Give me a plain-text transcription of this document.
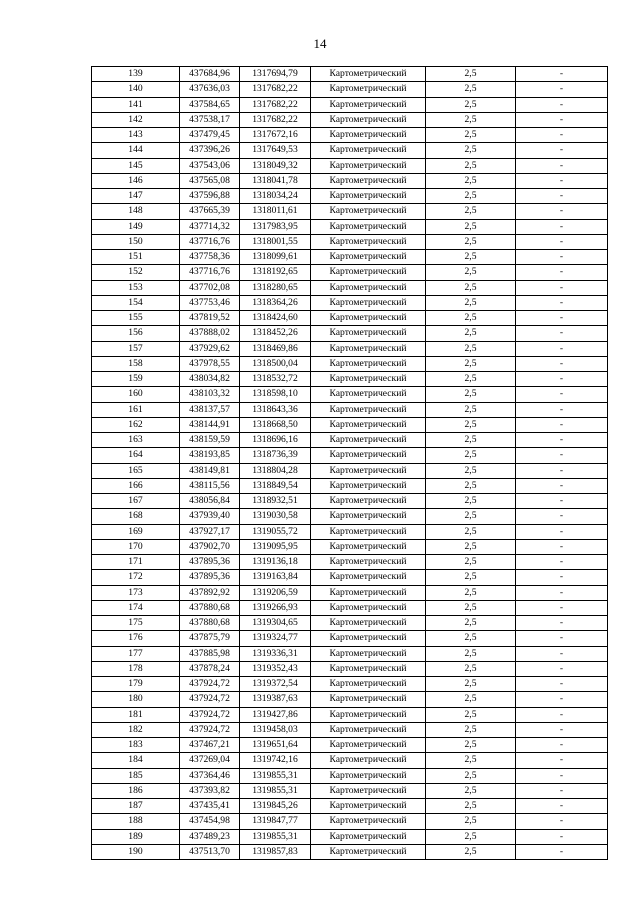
14
139	437684,96	1317694,79	Картометрический	2,5	-
140	437636,03	1317682,22	Картометрический	2,5	-
141	437584,65	1317682,22	Картометрический	2,5	-
142	437538,17	1317682,22	Картометрический	2,5	-
143	437479,45	1317672,16	Картометрический	2,5	-
144	437396,26	1317649,53	Картометрический	2,5	-
145	437543,06	1318049,32	Картометрический	2,5	-
146	437565,08	1318041,78	Картометрический	2,5	-
147	437596,88	1318034,24	Картометрический	2,5	-
148	437665,39	1318011,61	Картометрический	2,5	-
149	437714,32	1317983,95	Картометрический	2,5	-
150	437716,76	1318001,55	Картометрический	2,5	-
151	437758,36	1318099,61	Картометрический	2,5	-
152	437716,76	1318192,65	Картометрический	2,5	-
153	437702,08	1318280,65	Картометрический	2,5	-
154	437753,46	1318364,26	Картометрический	2,5	-
155	437819,52	1318424,60	Картометрический	2,5	-
156	437888,02	1318452,26	Картометрический	2,5	-
157	437929,62	1318469,86	Картометрический	2,5	-
158	437978,55	1318500,04	Картометрический	2,5	-
159	438034,82	1318532,72	Картометрический	2,5	-
160	438103,32	1318598,10	Картометрический	2,5	-
161	438137,57	1318643,36	Картометрический	2,5	-
162	438144,91	1318668,50	Картометрический	2,5	-
163	438159,59	1318696,16	Картометрический	2,5	-
164	438193,85	1318736,39	Картометрический	2,5	-
165	438149,81	1318804,28	Картометрический	2,5	-
166	438115,56	1318849,54	Картометрический	2,5	-
167	438056,84	1318932,51	Картометрический	2,5	-
168	437939,40	1319030,58	Картометрический	2,5	-
169	437927,17	1319055,72	Картометрический	2,5	-
170	437902,70	1319095,95	Картометрический	2,5	-
171	437895,36	1319136,18	Картометрический	2,5	-
172	437895,36	1319163,84	Картометрический	2,5	-
173	437892,92	1319206,59	Картометрический	2,5	-
174	437880,68	1319266,93	Картометрический	2,5	-
175	437880,68	1319304,65	Картометрический	2,5	-
176	437875,79	1319324,77	Картометрический	2,5	-
177	437885,98	1319336,31	Картометрический	2,5	-
178	437878,24	1319352,43	Картометрический	2,5	-
179	437924,72	1319372,54	Картометрический	2,5	-
180	437924,72	1319387,63	Картометрический	2,5	-
181	437924,72	1319427,86	Картометрический	2,5	-
182	437924,72	1319458,03	Картометрический	2,5	-
183	437467,21	1319651,64	Картометрический	2,5	-
184	437269,04	1319742,16	Картометрический	2,5	-
185	437364,46	1319855,31	Картометрический	2,5	-
186	437393,82	1319855,31	Картометрический	2,5	-
187	437435,41	1319845,26	Картометрический	2,5	-
188	437454,98	1319847,77	Картометрический	2,5	-
189	437489,23	1319855,31	Картометрический	2,5	-
190	437513,70	1319857,83	Картометрический	2,5	-
